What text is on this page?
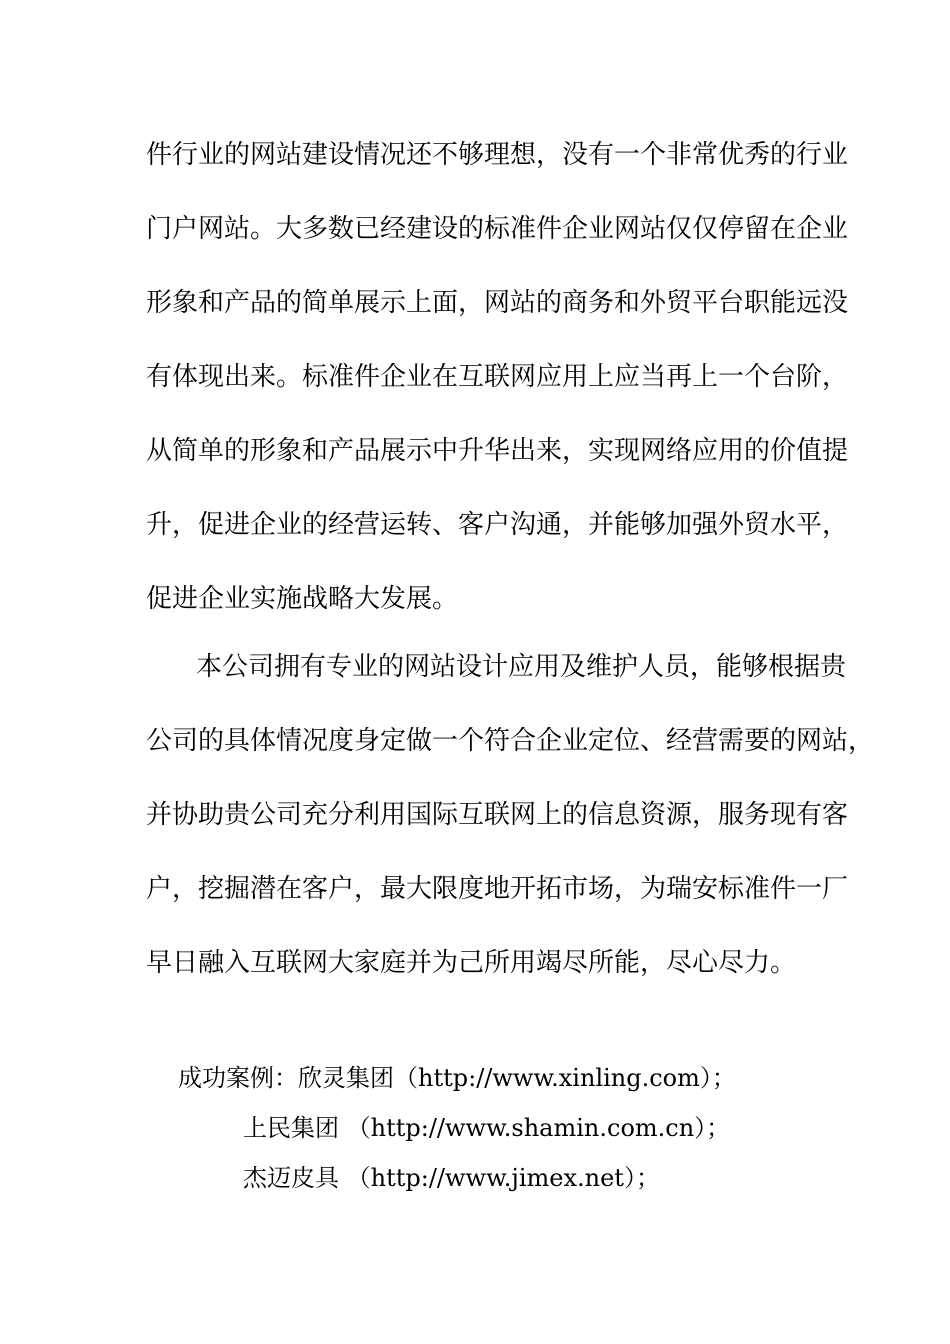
件行业的网站建设情况还不够理想，没有一个非常优秀的行业
门户网站。大多数已经建设的标准件企业网站仅仅停留在企业
形象和产品的简单展示上面，网站的商务和外贸平台职能远没
有体现出来。标准件企业在互联网应用上应当再上一个台阶，
从简单的形象和产品展示中升华出来，实现网络应用的价值提
升，促进企业的经营运转、客户沟通，并能够加强外贸水平，
促进企业实施战略大发展。
本公司拥有专业的网站设计应用及维护人员，能够根据贵
公司的具体情况度身定做一个符合企业定位、经营需要的网站，
并协助贵公司充分利用国际互联网上的信息资源，服务现有客
户，挖掘潜在客户，最大限度地开拓市场，为瑞安标准件一厂
早日融入互联网大家庭并为己所用竭尽所能，尽心尽力。
成功案例：欣灵集团（http://www.xinling.com）；
上民集团 （http://www.shamin.com.cn）；
杰迈皮具 （http://www.jimex.net）；
